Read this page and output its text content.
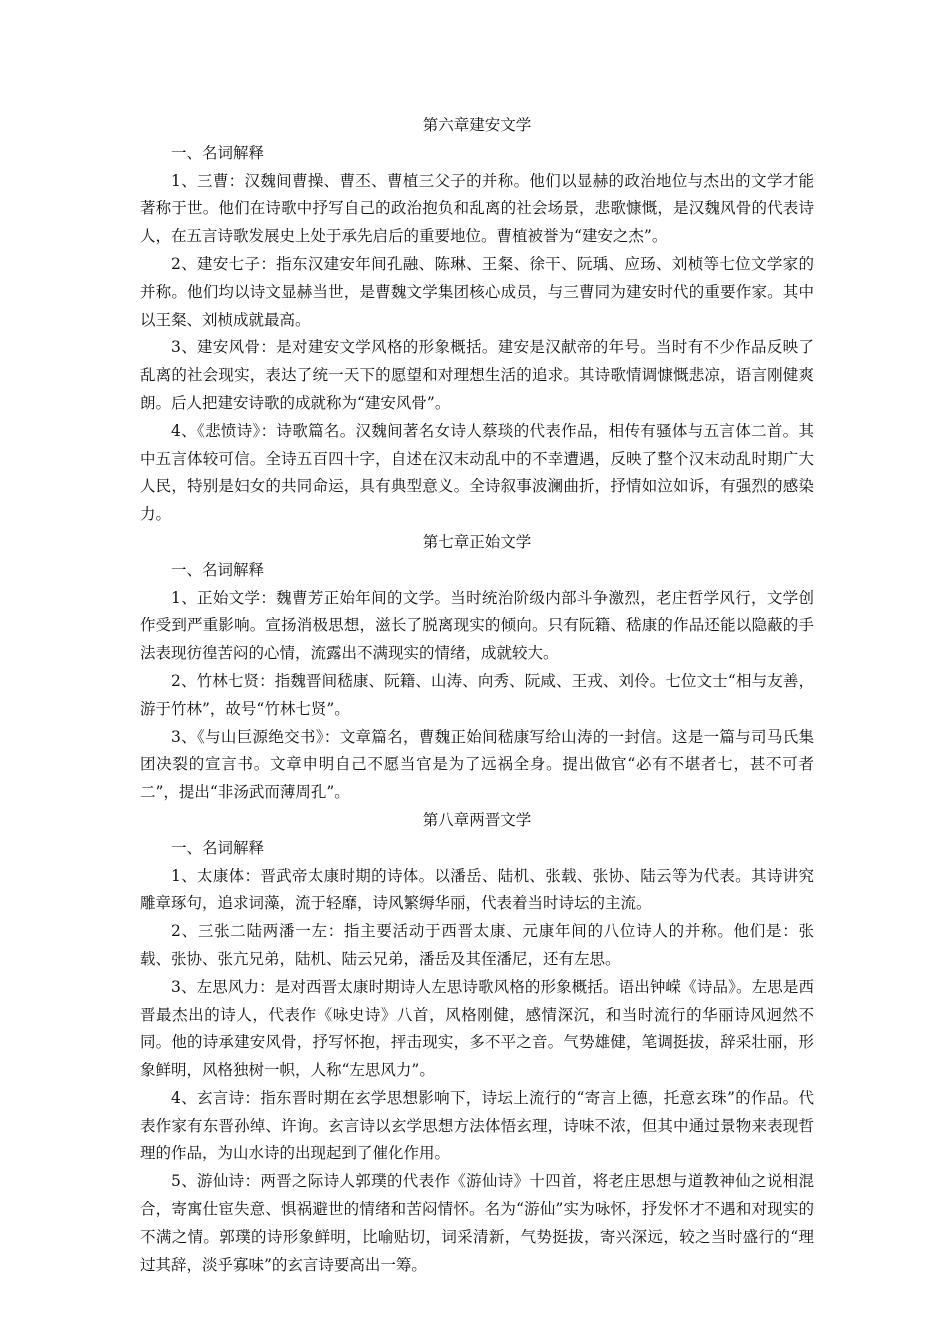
第六章建安文学

一、名词解释

1、三曹：汉魏间曹操、曹丕、曹植三父子的并称。他们以显赫的政治地位与杰出的文学才能著称于世。他们在诗歌中抒写自己的政治抱负和乱离的社会场景，悲歌慷慨，是汉魏风骨的代表诗人，在五言诗歌发展史上处于承先启后的重要地位。曹植被誉为“建安之杰”。

2、建安七子：指东汉建安年间孔融、陈琳、王粲、徐干、阮瑀、应玚、刘桢等七位文学家的并称。他们均以诗文显赫当世，是曹魏文学集团核心成员，与三曹同为建安时代的重要作家。其中以王粲、刘桢成就最高。

3、建安风骨：是对建安文学风格的形象概括。建安是汉献帝的年号。当时有不少作品反映了乱离的社会现实，表达了统一天下的愿望和对理想生活的追求。其诗歌情调慷慨悲凉，语言刚健爽朗。后人把建安诗歌的成就称为“建安风骨”。

4、《悲愤诗》：诗歌篇名。汉魏间著名女诗人蔡琰的代表作品，相传有骚体与五言体二首。其中五言体较可信。全诗五百四十字，自述在汉末动乱中的不幸遭遇，反映了整个汉末动乱时期广大人民，特别是妇女的共同命运，具有典型意义。全诗叙事波澜曲折，抒情如泣如诉，有强烈的感染力。

第七章正始文学

一、名词解释

1、正始文学：魏曹芳正始年间的文学。当时统治阶级内部斗争激烈，老庄哲学风行，文学创作受到严重影响。宣扬消极思想，滋长了脱离现实的倾向。只有阮籍、嵇康的作品还能以隐蔽的手法表现彷徨苦闷的心情，流露出不满现实的情绪，成就较大。

2、竹林七贤：指魏晋间嵇康、阮籍、山涛、向秀、阮咸、王戎、刘伶。七位文士“相与友善，游于竹林”，故号“竹林七贤”。

3、《与山巨源绝交书》：文章篇名，曹魏正始间嵇康写给山涛的一封信。这是一篇与司马氏集团决裂的宣言书。文章申明自己不愿当官是为了远祸全身。提出做官“必有不堪者七，甚不可者二”，提出“非汤武而薄周孔”。

第八章两晋文学

一、名词解释

1、太康体：晋武帝太康时期的诗体。以潘岳、陆机、张载、张协、陆云等为代表。其诗讲究雕章琢句，追求词藻，流于轻靡，诗风繁缛华丽，代表着当时诗坛的主流。

2、三张二陆两潘一左：指主要活动于西晋太康、元康年间的八位诗人的并称。他们是：张载、张协、张亢兄弟，陆机、陆云兄弟，潘岳及其侄潘尼，还有左思。

3、左思风力：是对西晋太康时期诗人左思诗歌风格的形象概括。语出钟嵘《诗品》。左思是西晋最杰出的诗人，代表作《咏史诗》八首，风格刚健，感情深沉，和当时流行的华丽诗风迥然不同。他的诗承建安风骨，抒写怀抱，抨击现实，多不平之音。气势雄健，笔调挺拔，辞采壮丽，形象鲜明，风格独树一帜，人称“左思风力”。

4、玄言诗：指东晋时期在玄学思想影响下，诗坛上流行的“寄言上德，托意玄珠”的作品。代表作家有东晋孙绰、许询。玄言诗以玄学思想方法体悟玄理，诗味不浓，但其中通过景物来表现哲理的作品，为山水诗的出现起到了催化作用。

5、游仙诗：两晋之际诗人郭璞的代表作《游仙诗》十四首，将老庄思想与道教神仙之说相混合，寄寓仕宦失意、惧祸避世的情绪和苦闷情怀。名为“游仙”实为咏怀，抒发怀才不遇和对现实的不满之情。郭璞的诗形象鲜明，比喻贴切，词采清新，气势挺拔，寄兴深远，较之当时盛行的“理过其辞，淡乎寡味”的玄言诗要高出一筹。
